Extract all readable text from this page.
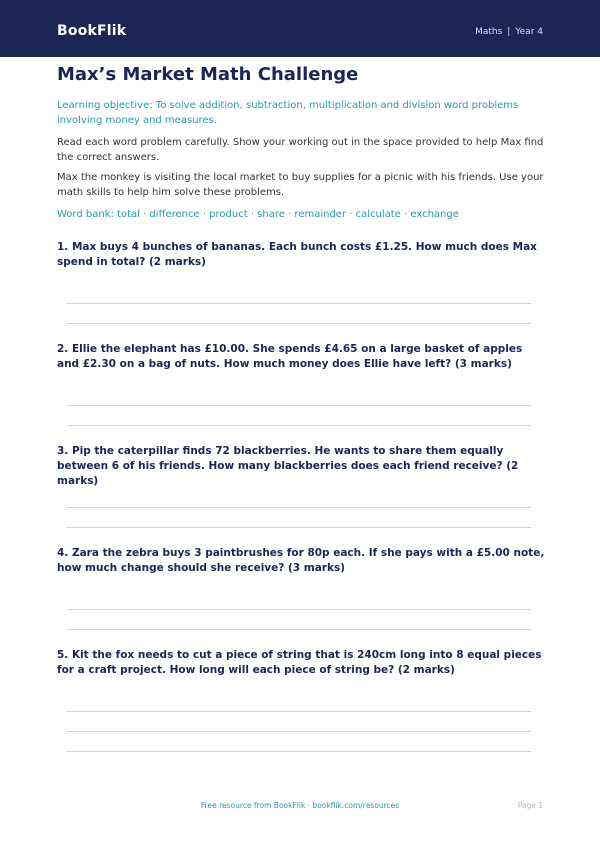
BookFlik	Maths | Year 4
Max’s Market Math Challenge

Learning objective: To solve addition, subtraction, multiplication and division word problems involving money and measures.

Read each word problem carefully. Show your working out in the space provided to help Max find the correct answers.

Max the monkey is visiting the local market to buy supplies for a picnic with his friends. Use your math skills to help him solve these problems.

Word bank: total · difference · product · share · remainder · calculate · exchange

1. Max buys 4 bunches of bananas. Each bunch costs £1.25. How much does Max spend in total? (2 marks)

2. Ellie the elephant has £10.00. She spends £4.65 on a large basket of apples and £2.30 on a bag of nuts. How much money does Ellie have left? (3 marks)

3. Pip the caterpillar finds 72 blackberries. He wants to share them equally between 6 of his friends. How many blackberries does each friend receive? (2 marks)

4. Zara the zebra buys 3 paintbrushes for 80p each. If she pays with a £5.00 note, how much change should she receive? (3 marks)

5. Kit the fox needs to cut a piece of string that is 240cm long into 8 equal pieces for a craft project. How long will each piece of string be? (2 marks)

Free resource from BookFlik · bookflik.com/resources	Page 1
